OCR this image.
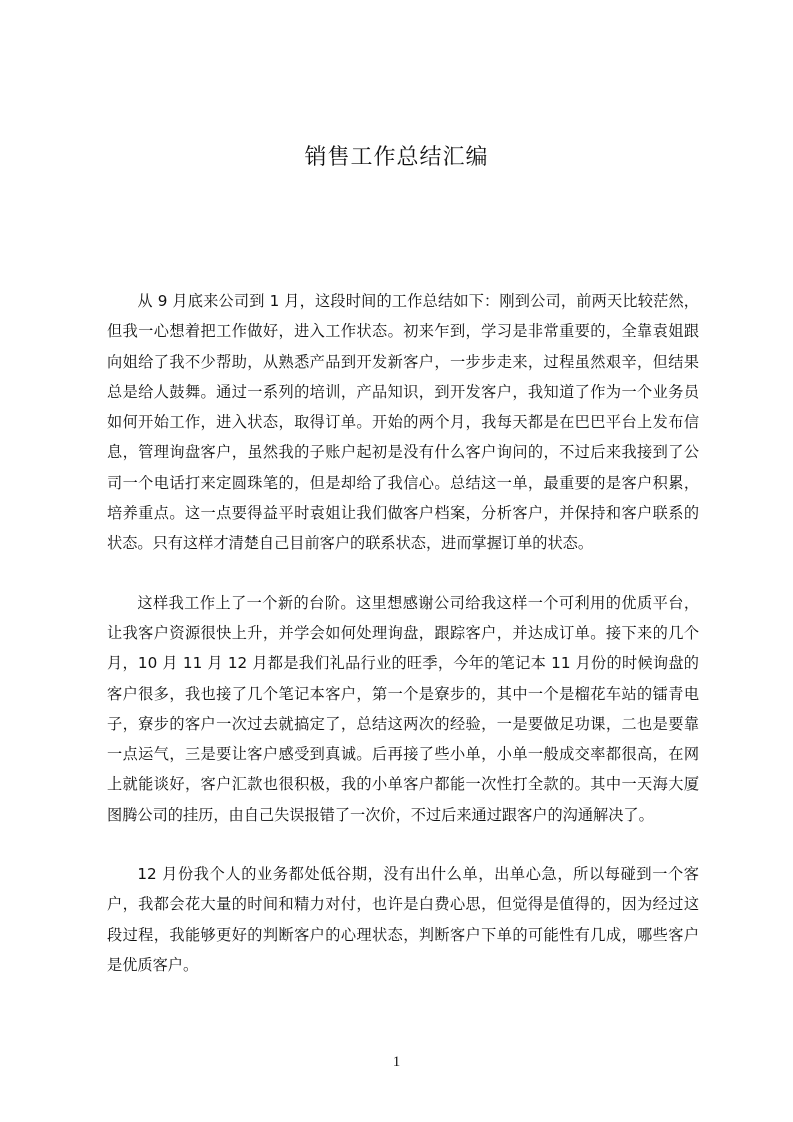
销售工作总结汇编

从 9 月底来公司到 1 月，这段时间的工作总结如下：刚到公司，前两天比较茫然，但我一心想着把工作做好，进入工作状态。初来乍到，学习是非常重要的，全靠袁姐跟向姐给了我不少帮助，从熟悉产品到开发新客户，一步步走来，过程虽然艰辛，但结果总是给人鼓舞。通过一系列的培训，产品知识，到开发客户，我知道了作为一个业务员如何开始工作，进入状态，取得订单。开始的两个月，我每天都是在巴巴平台上发布信息，管理询盘客户，虽然我的子账户起初是没有什么客户询问的，不过后来我接到了公司一个电话打来定圆珠笔的，但是却给了我信心。总结这一单，最重要的是客户积累，培养重点。这一点要得益平时袁姐让我们做客户档案，分析客户，并保持和客户联系的状态。只有这样才清楚自己目前客户的联系状态，进而掌握订单的状态。

这样我工作上了一个新的台阶。这里想感谢公司给我这样一个可利用的优质平台，让我客户资源很快上升，并学会如何处理询盘，跟踪客户，并达成订单。接下来的几个月，10 月 11 月 12 月都是我们礼品行业的旺季，今年的笔记本 11 月份的时候询盘的客户很多，我也接了几个笔记本客户，第一个是寮步的，其中一个是榴花车站的镭青电子，寮步的客户一次过去就搞定了，总结这两次的经验，一是要做足功课，二也是要靠一点运气，三是要让客户感受到真诚。后再接了些小单，小单一般成交率都很高，在网上就能谈好，客户汇款也很积极，我的小单客户都能一次性打全款的。其中一天海大厦图腾公司的挂历，由自己失误报错了一次价，不过后来通过跟客户的沟通解决了。

12 月份我个人的业务都处低谷期，没有出什么单，出单心急，所以每碰到一个客户，我都会花大量的时间和精力对付，也许是白费心思，但觉得是值得的，因为经过这段过程，我能够更好的判断客户的心理状态，判断客户下单的可能性有几成，哪些客户是优质客户。

1
